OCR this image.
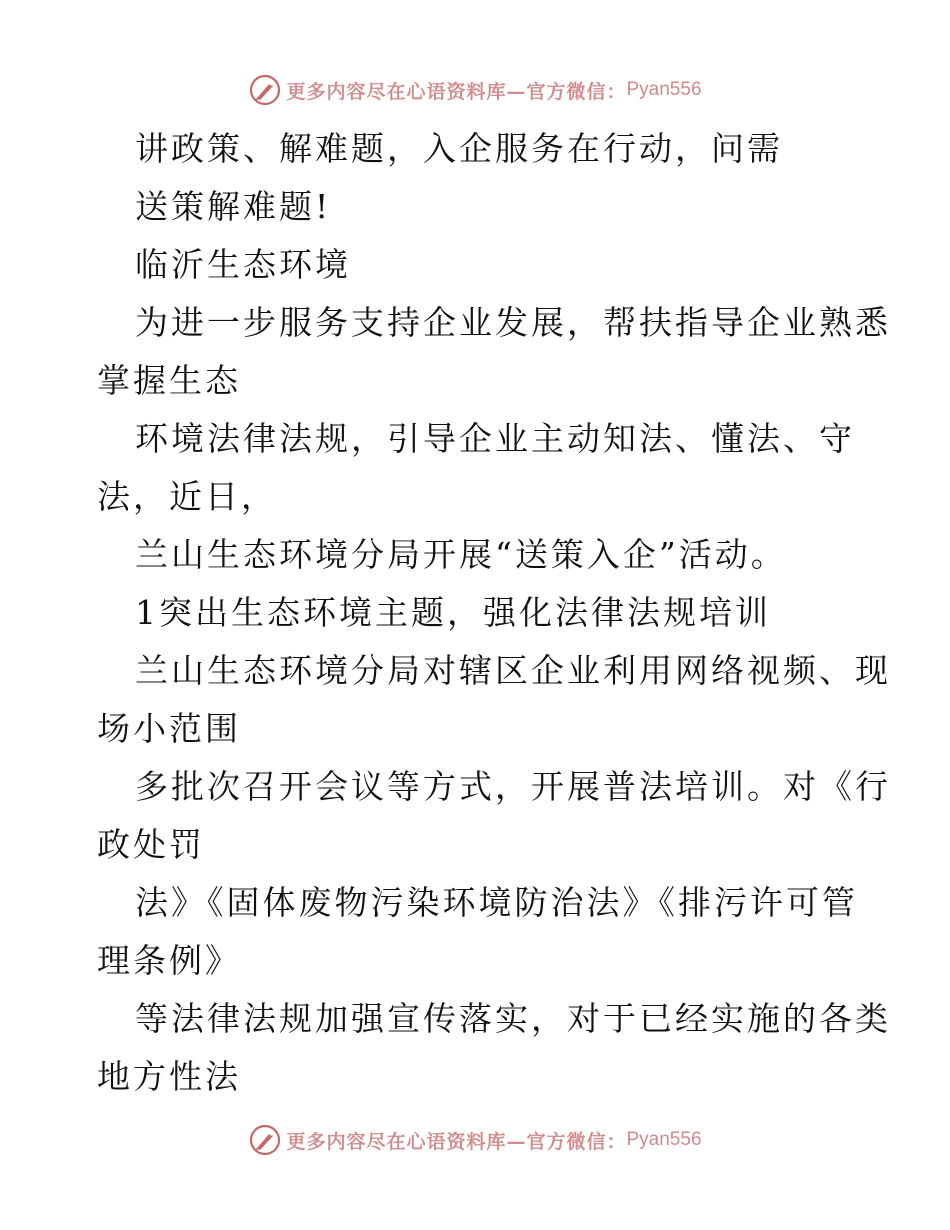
更多内容尽在心语资料库—官方微信： Pyan556
讲政策、解难题，入企服务在行动，问需
送策解难题!
临沂生态环境
为进一步服务支持企业发展，帮扶指导企业熟悉
掌握生态
环境法律法规，引导企业主动知法、懂法、守
法，近日，
兰山生态环境分局开展“送策入企”活动。
1突出生态环境主题，强化法律法规培训
兰山生态环境分局对辖区企业利用网络视频、现
场小范围
多批次召开会议等方式，开展普法培训。对《行
政处罚
法》《固体废物污染环境防治法》《排污许可管
理条例》
等法律法规加强宣传落实，对于已经实施的各类
地方性法
更多内容尽在心语资料库—官方微信： Pyan556
